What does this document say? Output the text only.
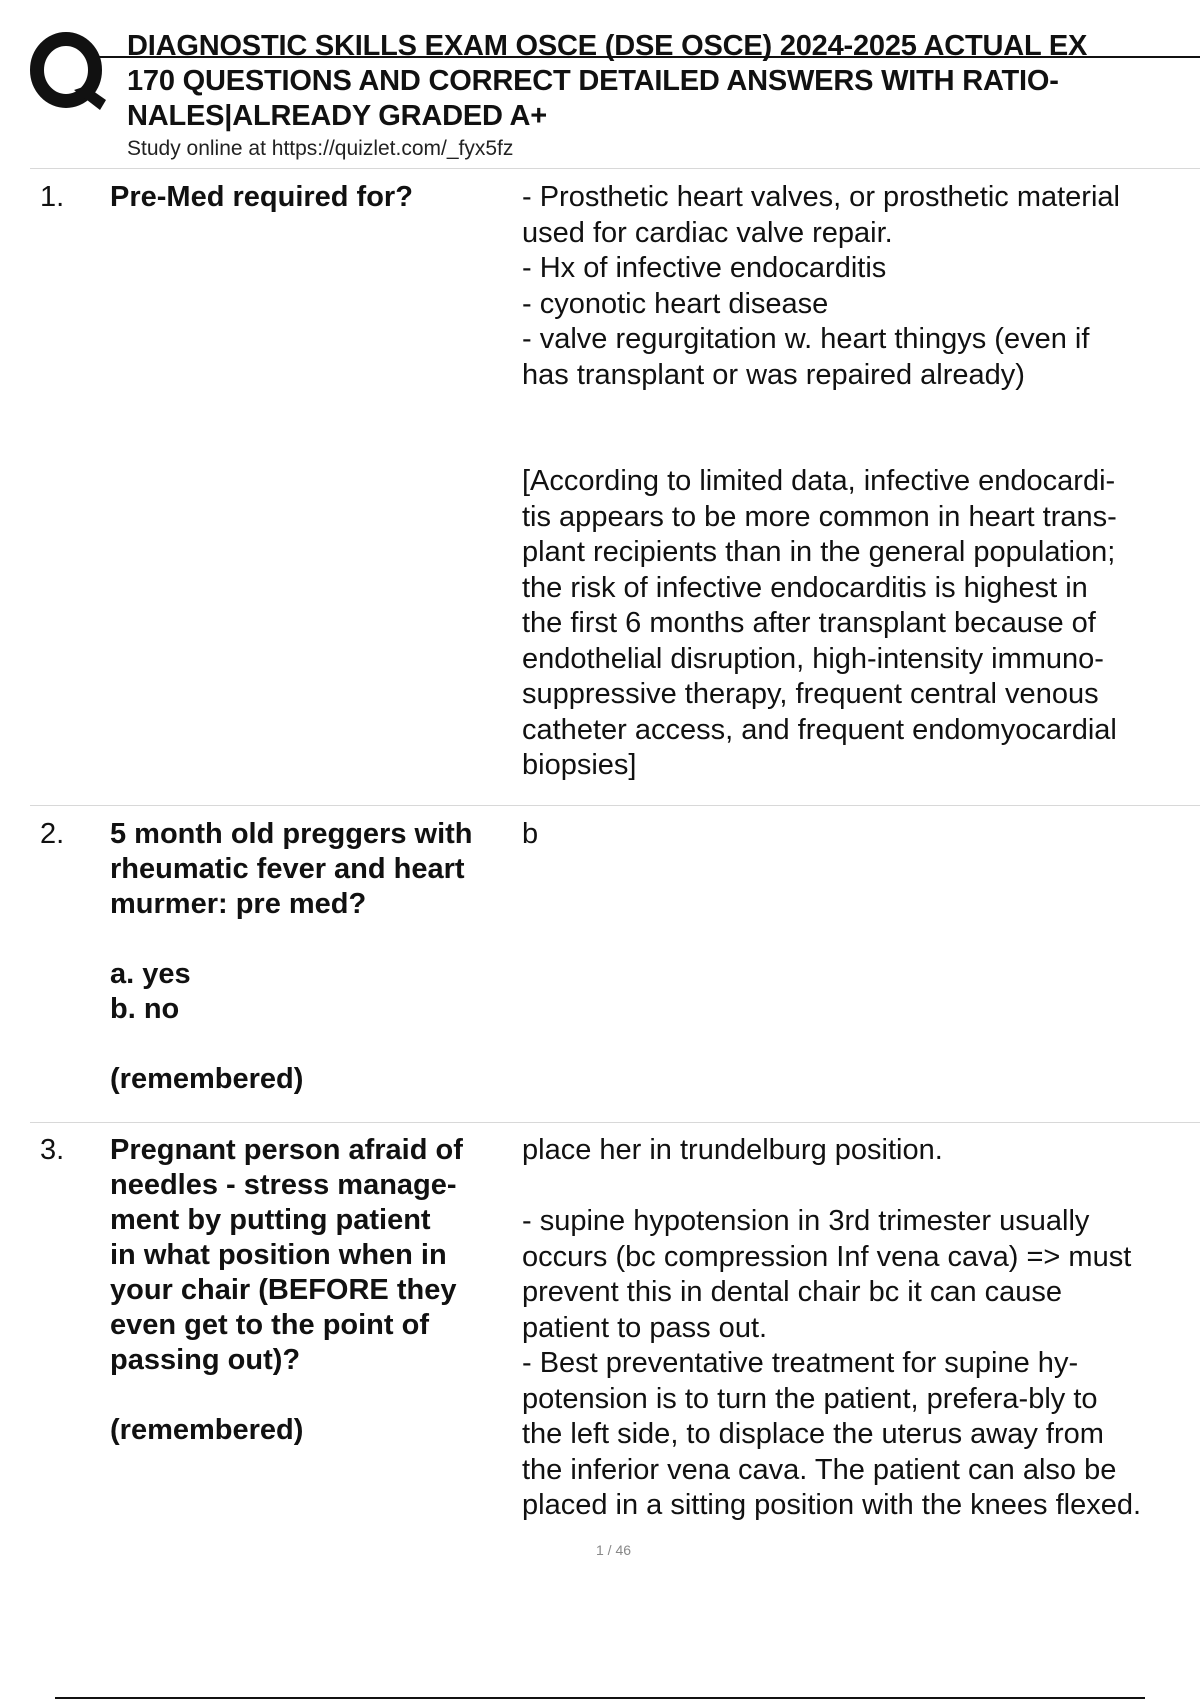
DIAGNOSTIC SKILLS EXAM OSCE (DSE OSCE) 2024-2025 ACTUAL EX
170 QUESTIONS AND CORRECT DETAILED ANSWERS WITH RATIO-
NALES|ALREADY GRADED A+
Study online at https://quizlet.com/_fyx5fz
1. Pre-Med required for?	- Prosthetic heart valves, or prosthetic material
used for cardiac valve repair.
- Hx of infective endocarditis
- cyonotic heart disease
- valve regurgitation w. heart thingys (even if
has transplant or was repaired already)

[According to limited data, infective endocardi-
tis appears to be more common in heart trans-
plant recipients than in the general population;
the risk of infective endocarditis is highest in
the first 6 months after transplant because of
endothelial disruption, high-intensity immuno-
suppressive therapy, frequent central venous
catheter access, and frequent endomyocardial
biopsies]
2. 5 month old preggers with
rheumatic fever and heart
murmer: pre med?

a. yes
b. no

(remembered)
b
3. Pregnant person afraid of
needles - stress manage-
ment by putting patient
in what position when in
your chair (BEFORE they
even get to the point of
passing out)?

(remembered)
place her in trundelburg position.

- supine hypotension in 3rd trimester usually
occurs (bc compression Inf vena cava) => must
prevent this in dental chair bc it can cause
patient to pass out.
- Best preventative treatment for supine hy-
potension is to turn the patient, prefera-bly to
the left side, to displace the uterus away from
the inferior vena cava. The patient can also be
placed in a sitting position with the knees flexed.
1 / 46
